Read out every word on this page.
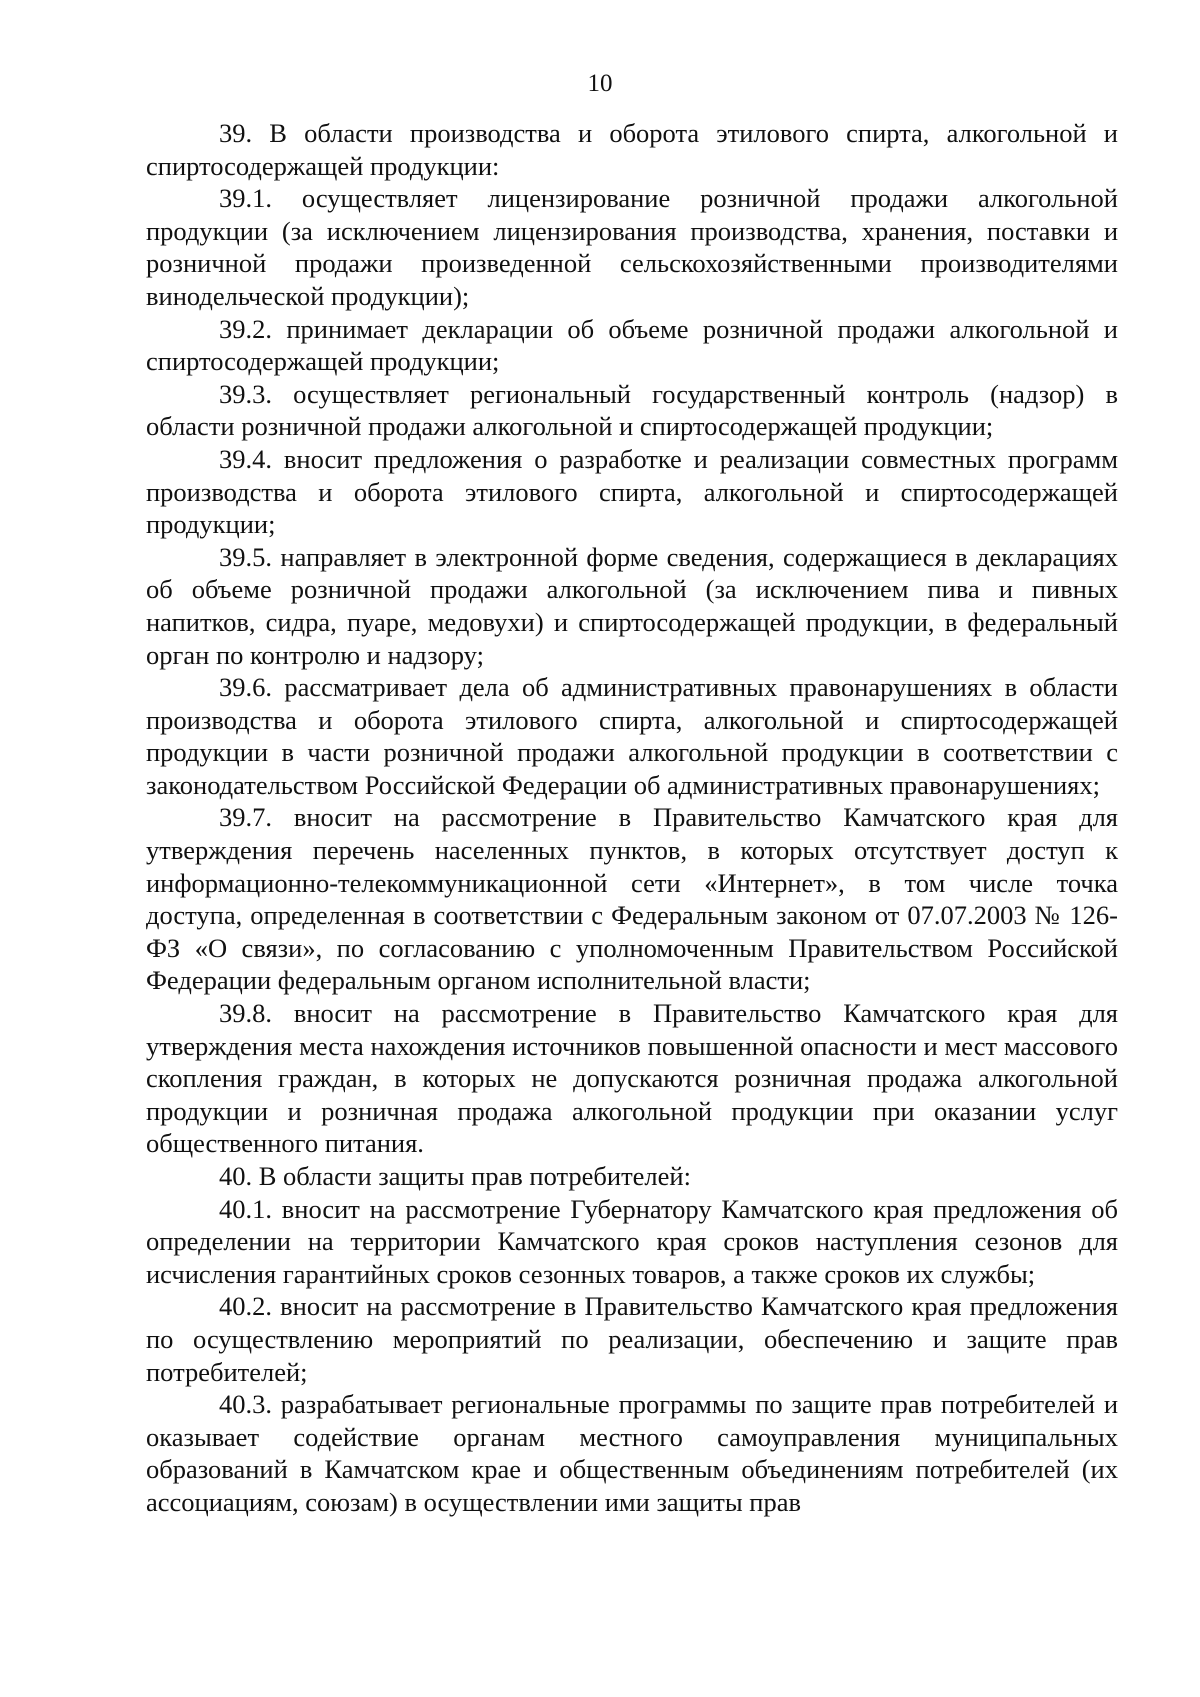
10

39. В области производства и оборота этилового спирта, алкогольной и спиртосодержащей продукции:

39.1. осуществляет лицензирование розничной продажи алкогольной продукции (за исключением лицензирования производства, хранения, поставки и розничной продажи произведенной сельскохозяйственными производителями винодельческой продукции);

39.2. принимает декларации об объеме розничной продажи алкогольной и спиртосодержащей продукции;

39.3. осуществляет региональный государственный контроль (надзор) в области розничной продажи алкогольной и спиртосодержащей продукции;

39.4. вносит предложения о разработке и реализации совместных программ производства и оборота этилового спирта, алкогольной и спиртосодержащей продукции;

39.5. направляет в электронной форме сведения, содержащиеся в декларациях об объеме розничной продажи алкогольной (за исключением пива и пивных напитков, сидра, пуаре, медовухи) и спиртосодержащей продукции, в федеральный орган по контролю и надзору;

39.6. рассматривает дела об административных правонарушениях в области производства и оборота этилового спирта, алкогольной и спиртосодержащей продукции в части розничной продажи алкогольной продукции в соответствии с законодательством Российской Федерации об административных правонарушениях;

39.7. вносит на рассмотрение в Правительство Камчатского края для утверждения перечень населенных пунктов, в которых отсутствует доступ к информационно-телекоммуникационной сети «Интернет», в том числе точка доступа, определенная в соответствии с Федеральным законом от 07.07.2003 № 126-ФЗ «О связи», по согласованию с уполномоченным Правительством Российской Федерации федеральным органом исполнительной власти;

39.8. вносит на рассмотрение в Правительство Камчатского края для утверждения места нахождения источников повышенной опасности и мест массового скопления граждан, в которых не допускаются розничная продажа алкогольной продукции и розничная продажа алкогольной продукции при оказании услуг общественного питания.

40. В области защиты прав потребителей:

40.1. вносит на рассмотрение Губернатору Камчатского края предложения об определении на территории Камчатского края сроков наступления сезонов для исчисления гарантийных сроков сезонных товаров, а также сроков их службы;

40.2. вносит на рассмотрение в Правительство Камчатского края предложения по осуществлению мероприятий по реализации, обеспечению и защите прав потребителей;

40.3. разрабатывает региональные программы по защите прав потребителей и оказывает содействие органам местного самоуправления муниципальных образований в Камчатском крае и общественным объединениям потребителей (их ассоциациям, союзам) в осуществлении ими защиты прав
